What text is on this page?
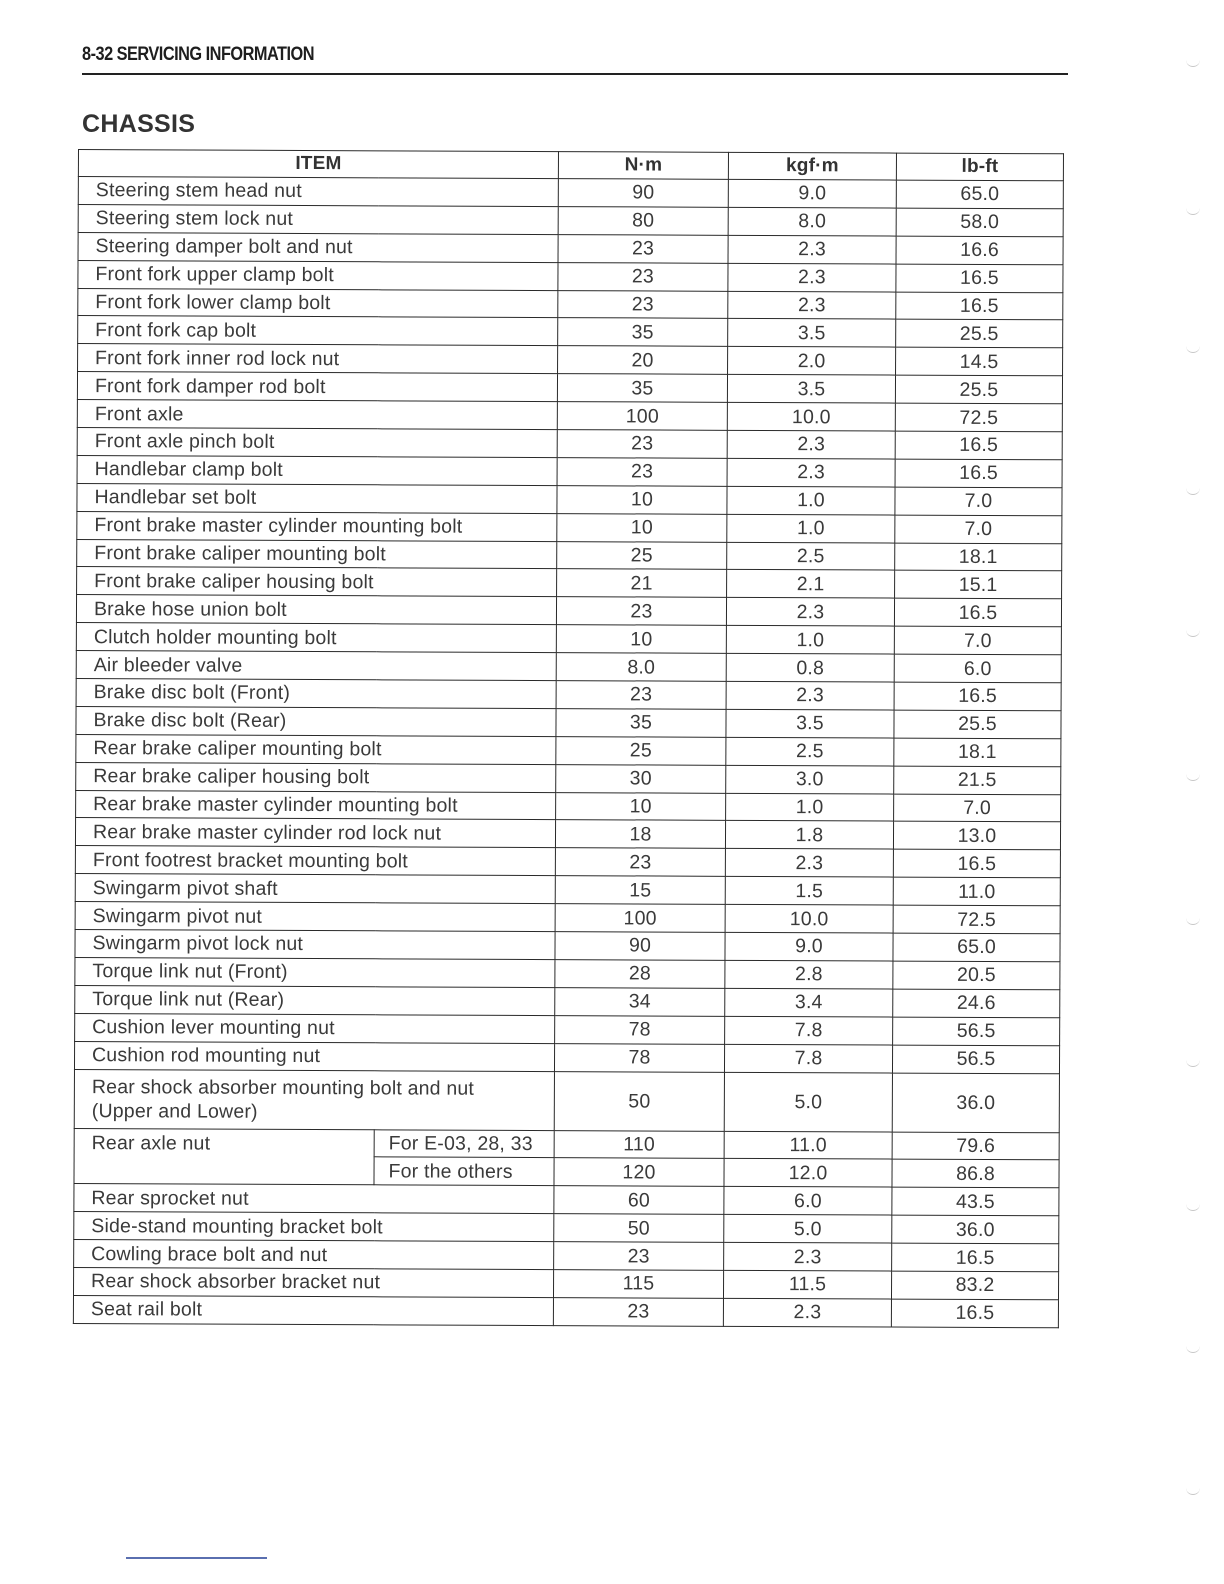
8-32 SERVICING INFORMATION
CHASSIS
ITEM		N·m	kgf·m	lb-ft
Steering stem head nut		90	9.0	65.0
Steering stem lock nut		80	8.0	58.0
Steering damper bolt and nut		23	2.3	16.6
Front fork upper clamp bolt		23	2.3	16.5
Front fork lower clamp bolt		23	2.3	16.5
Front fork cap bolt		35	3.5	25.5
Front fork inner rod lock nut		20	2.0	14.5
Front fork damper rod bolt		35	3.5	25.5
Front axle		100	10.0	72.5
Front axle pinch bolt		23	2.3	16.5
Handlebar clamp bolt		23	2.3	16.5
Handlebar set bolt		10	1.0	7.0
Front brake master cylinder mounting bolt		10	1.0	7.0
Front brake caliper mounting bolt		25	2.5	18.1
Front brake caliper housing bolt		21	2.1	15.1
Brake hose union bolt		23	2.3	16.5
Clutch holder mounting bolt		10	1.0	7.0
Air bleeder valve		8.0	0.8	6.0
Brake disc bolt (Front)		23	2.3	16.5
Brake disc bolt (Rear)		35	3.5	25.5
Rear brake caliper mounting bolt		25	2.5	18.1
Rear brake caliper housing bolt		30	3.0	21.5
Rear brake master cylinder mounting bolt		10	1.0	7.0
Rear brake master cylinder rod lock nut		18	1.8	13.0
Front footrest bracket mounting bolt		23	2.3	16.5
Swingarm pivot shaft		15	1.5	11.0
Swingarm pivot nut		100	10.0	72.5
Swingarm pivot lock nut		90	9.0	65.0
Torque link nut (Front)		28	2.8	20.5
Torque link nut (Rear)		34	3.4	24.6
Cushion lever mounting nut		78	7.8	56.5
Cushion rod mounting nut		78	7.8	56.5
Rear shock absorber mounting bolt and nut
(Upper and Lower)		50	5.0	36.0
Rear axle nut	For E-03, 28, 33	110	11.0	79.6
	For the others	120	12.0	86.8
Rear sprocket nut		60	6.0	43.5
Side-stand mounting bracket bolt		50	5.0	36.0
Cowling brace bolt and nut		23	2.3	16.5
Rear shock absorber bracket nut		115	11.5	83.2
Seat rail bolt		23	2.3	16.5
